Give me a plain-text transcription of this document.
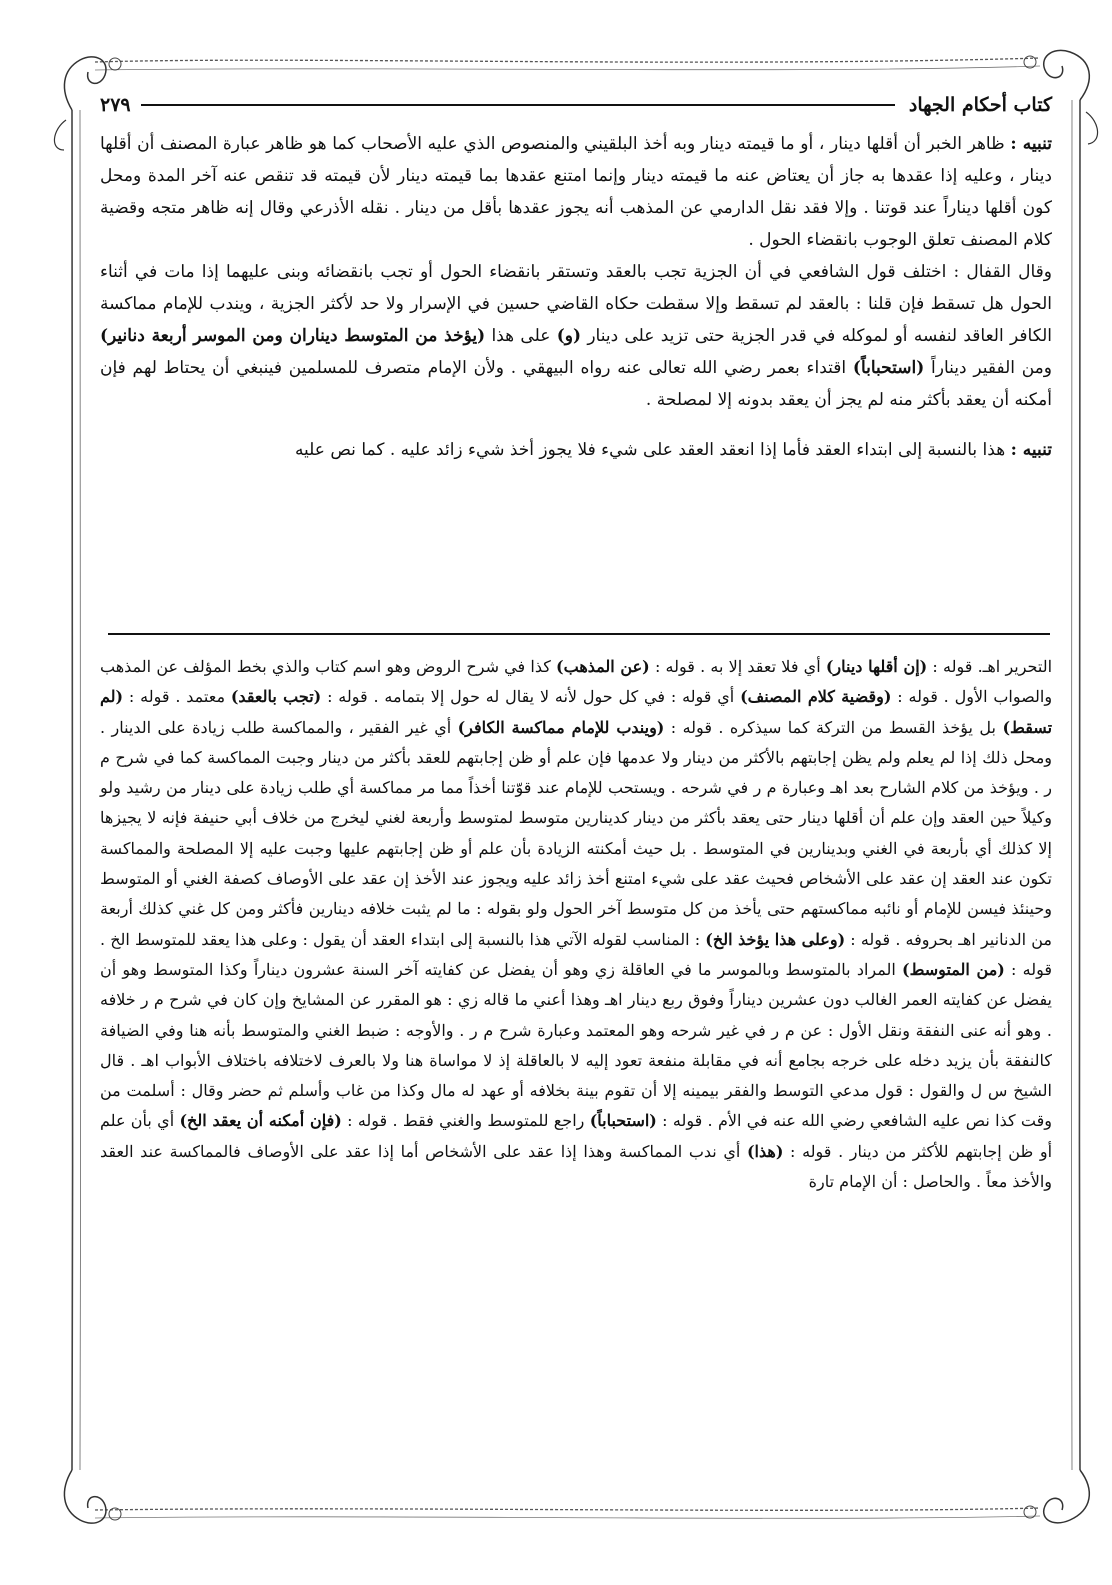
كتاب أحكام الجهاد
٢٧٩

تنبيه : ظاهر الخبر أن أقلها دينار ، أو ما قيمته دينار وبه أخذ البلقيني والمنصوص الذي عليه الأصحاب كما هو ظاهر عبارة المصنف أن أقلها دينار ، وعليه إذا عقدها به جاز أن يعتاض عنه ما قيمته دينار وإنما امتنع عقدها بما قيمته دينار لأن قيمته قد تنقص عنه آخر المدة ومحل كون أقلها ديناراً عند قوتنا . وإلا فقد نقل الدارمي عن المذهب أنه يجوز عقدها بأقل من دينار . نقله الأذرعي وقال إنه ظاهر متجه وقضية كلام المصنف تعلق الوجوب بانقضاء الحول .

وقال القفال : اختلف قول الشافعي في أن الجزية تجب بالعقد وتستقر بانقضاء الحول أو تجب بانقضائه وبنى عليهما إذا مات في أثناء الحول هل تسقط فإن قلنا : بالعقد لم تسقط وإلا سقطت حكاه القاضي حسين في الإسرار ولا حد لأكثر الجزية ، ويندب للإمام مماكسة الكافر العاقد لنفسه أو لموكله في قدر الجزية حتى تزيد على دينار (و) على هذا (يؤخذ من المتوسط ديناران ومن الموسر أربعة دنانير) ومن الفقير ديناراً (استحباباً) اقتداء بعمر رضي الله تعالى عنه رواه البيهقي . ولأن الإمام متصرف للمسلمين فينبغي أن يحتاط لهم فإن أمكنه أن يعقد بأكثر منه لم يجز أن يعقد بدونه إلا لمصلحة .

تنبيه : هذا بالنسبة إلى ابتداء العقد فأما إذا انعقد العقد على شيء فلا يجوز أخذ شيء زائد عليه . كما نص عليه

التحرير اهـ. قوله : (إن أقلها دينار) أي فلا تعقد إلا به . قوله : (عن المذهب) كذا في شرح الروض وهو اسم كتاب والذي بخط المؤلف عن المذهب والصواب الأول . قوله : (وقضية كلام المصنف) أي قوله : في كل حول لأنه لا يقال له حول إلا بتمامه . قوله : (تجب بالعقد) معتمد . قوله : (لم تسقط) بل يؤخذ القسط من التركة كما سيذكره . قوله : (ويندب للإمام مماكسة الكافر) أي غير الفقير ، والمماكسة طلب زيادة على الدينار . ومحل ذلك إذا لم يعلم ولم يظن إجابتهم بالأكثر من دينار ولا عدمها فإن علم أو ظن إجابتهم للعقد بأكثر من دينار وجبت المماكسة كما في شرح م ر . ويؤخذ من كلام الشارح بعد اهـ وعبارة م ر في شرحه . ويستحب للإمام عند قوّتنا أخذاً مما مر مماكسة أي طلب زيادة على دينار من رشيد ولو وكيلاً حين العقد وإن علم أن أقلها دينار حتى يعقد بأكثر من دينار كدينارين متوسط لمتوسط وأربعة لغني ليخرج من خلاف أبي حنيفة فإنه لا يجيزها إلا كذلك أي بأربعة في الغني وبدينارين في المتوسط . بل حيث أمكنته الزيادة بأن علم أو ظن إجابتهم عليها وجبت عليه إلا المصلحة والمماكسة تكون عند العقد إن عقد على الأشخاص فحيث عقد على شيء امتنع أخذ زائد عليه ويجوز عند الأخذ إن عقد على الأوصاف كصفة الغني أو المتوسط وحينئذ فيسن للإمام أو نائبه مماكستهم حتى يأخذ من كل متوسط آخر الحول ولو بقوله : ما لم يثبت خلافه دينارين فأكثر ومن كل غني كذلك أربعة من الدنانير اهـ بحروفه . قوله : (وعلى هذا يؤخذ الخ) : المناسب لقوله الآتي هذا بالنسبة إلى ابتداء العقد أن يقول : وعلى هذا يعقد للمتوسط الخ . قوله : (من المتوسط) المراد بالمتوسط وبالموسر ما في العاقلة زي وهو أن يفضل عن كفايته آخر السنة عشرون ديناراً وكذا المتوسط وهو أن يفضل عن كفايته العمر الغالب دون عشرين ديناراً وفوق ربع دينار اهـ وهذا أعني ما قاله زي : هو المقرر عن المشايخ وإن كان في شرح م ر خلافه . وهو أنه عنى النفقة ونقل الأول : عن م ر في غير شرحه وهو المعتمد وعبارة شرح م ر . والأوجه : ضبط الغني والمتوسط بأنه هنا وفي الضيافة كالنفقة بأن يزيد دخله على خرجه بجامع أنه في مقابلة منفعة تعود إليه لا بالعاقلة إذ لا مواساة هنا ولا بالعرف لاختلافه باختلاف الأبواب اهـ . قال الشيخ س ل والقول : قول مدعي التوسط والفقر بيمينه إلا أن تقوم بينة بخلافه أو عهد له مال وكذا من غاب وأسلم ثم حضر وقال : أسلمت من وقت كذا نص عليه الشافعي رضي الله عنه في الأم . قوله : (استحباباً) راجع للمتوسط والغني فقط . قوله : (فإن أمكنه أن يعقد الخ) أي بأن علم أو ظن إجابتهم للأكثر من دينار . قوله : (هذا) أي ندب المماكسة وهذا إذا عقد على الأشخاص أما إذا عقد على الأوصاف فالمماكسة عند العقد والأخذ معاً . والحاصل : أن الإمام تارة
